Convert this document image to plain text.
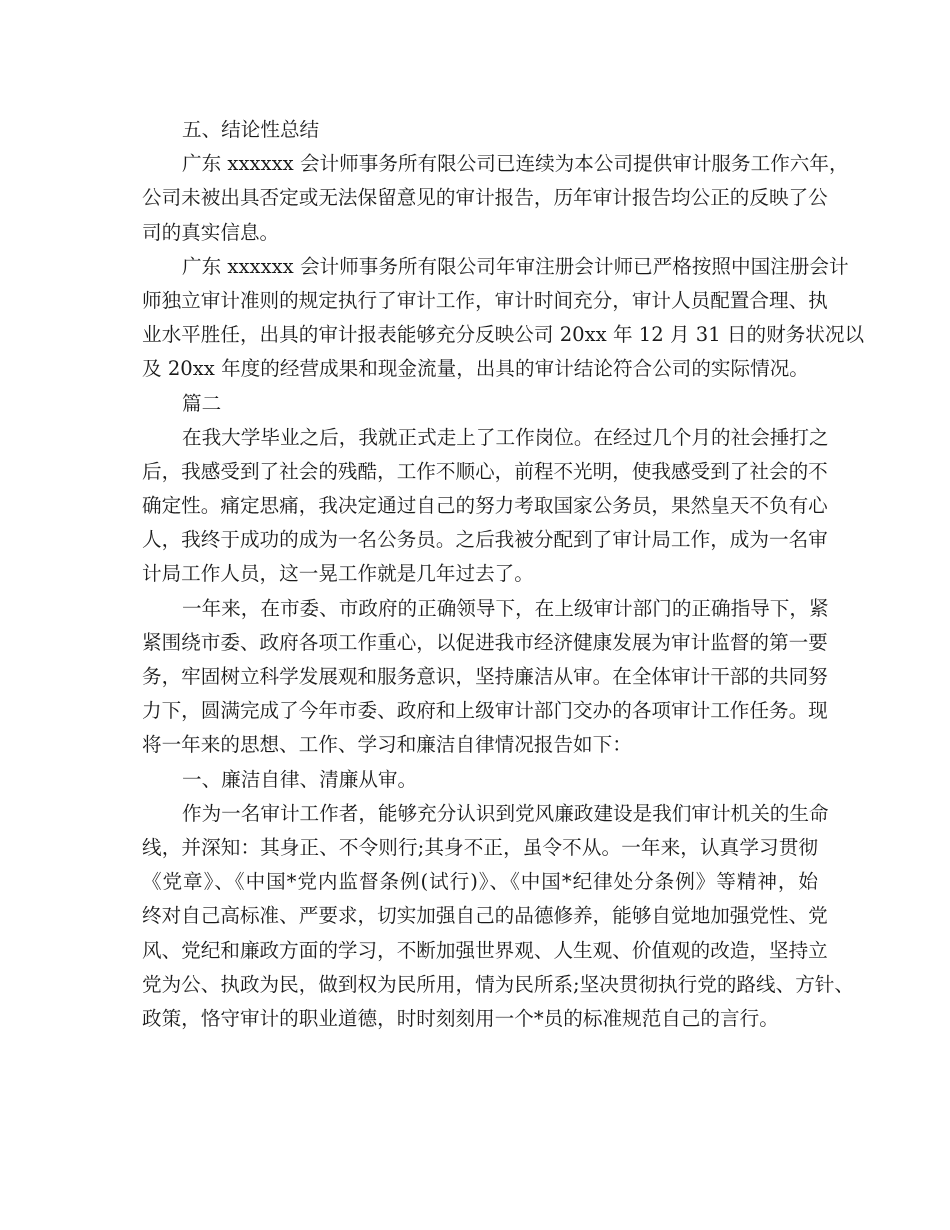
五、结论性总结
广东 xxxxxx 会计师事务所有限公司已连续为本公司提供审计服务工作六年，
公司未被出具否定或无法保留意见的审计报告，历年审计报告均公正的反映了公
司的真实信息。
广东 xxxxxx 会计师事务所有限公司年审注册会计师已严格按照中国注册会计
师独立审计准则的规定执行了审计工作，审计时间充分，审计人员配置合理、执
业水平胜任，出具的审计报表能够充分反映公司 20xx 年 12 月 31 日的财务状况以
及 20xx 年度的经营成果和现金流量，出具的审计结论符合公司的实际情况。
篇二
在我大学毕业之后，我就正式走上了工作岗位。在经过几个月的社会捶打之
后，我感受到了社会的残酷，工作不顺心，前程不光明，使我感受到了社会的不
确定性。痛定思痛，我决定通过自己的努力考取国家公务员，果然皇天不负有心
人，我终于成功的成为一名公务员。之后我被分配到了审计局工作，成为一名审
计局工作人员，这一晃工作就是几年过去了。
一年来，在市委、市政府的正确领导下，在上级审计部门的正确指导下，紧
紧围绕市委、政府各项工作重心，以促进我市经济健康发展为审计监督的第一要
务，牢固树立科学发展观和服务意识，坚持廉洁从审。在全体审计干部的共同努
力下，圆满完成了今年市委、政府和上级审计部门交办的各项审计工作任务。现
将一年来的思想、工作、学习和廉洁自律情况报告如下：
一、廉洁自律、清廉从审。
作为一名审计工作者，能够充分认识到党风廉政建设是我们审计机关的生命
线，并深知：其身正、不令则行;其身不正，虽令不从。一年来，认真学习贯彻
《党章》、《中国*党内监督条例(试行)》、《中国*纪律处分条例》等精神，始
终对自己高标准、严要求，切实加强自己的品德修养，能够自觉地加强党性、党
风、党纪和廉政方面的学习，不断加强世界观、人生观、价值观的改造，坚持立
党为公、执政为民，做到权为民所用，情为民所系;坚决贯彻执行党的路线、方针、
政策，恪守审计的职业道德，时时刻刻用一个*员的标准规范自己的言行。
